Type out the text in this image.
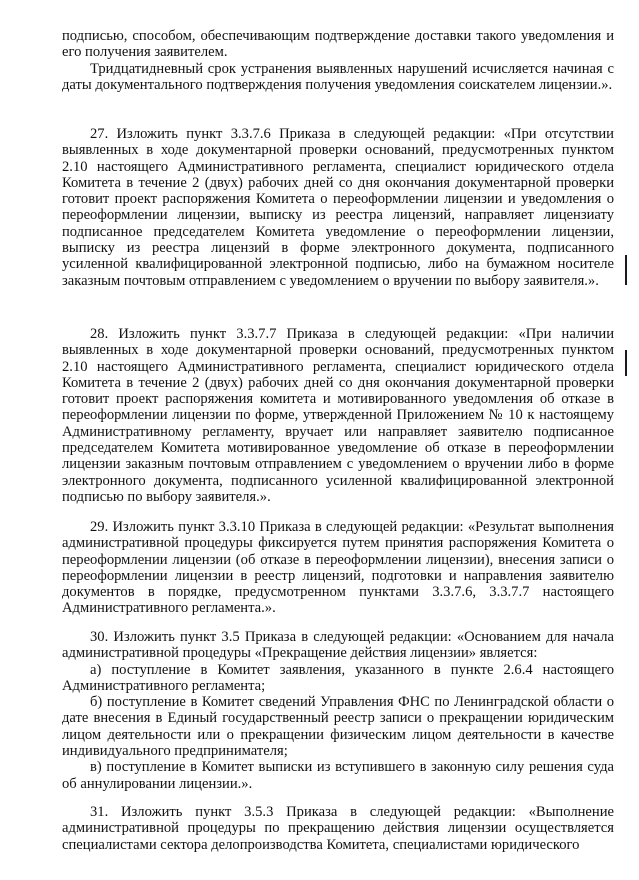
подписью, способом, обеспечивающим подтверждение доставки такого уведомления и его получения заявителем.

Тридцатидневный срок устранения выявленных нарушений исчисляется начиная с даты документального подтверждения получения уведомления соискателем лицензии.».

27. Изложить пункт 3.3.7.6 Приказа в следующей редакции: «При отсутствии выявленных в ходе документарной проверки оснований, предусмотренных пунктом 2.10 настоящего Административного регламента, специалист юридического отдела Комитета в течение 2 (двух) рабочих дней со дня окончания документарной проверки готовит проект распоряжения Комитета о переоформлении лицензии и уведомления о переоформлении лицензии, выписку из реестра лицензий, направляет лицензиату подписанное председателем Комитета уведомление о переоформлении лицензии, выписку из реестра лицензий в форме электронного документа, подписанного усиленной квалифицированной электронной подписью, либо на бумажном носителе заказным почтовым отправлением с уведомлением о вручении по выбору заявителя.».

28. Изложить пункт 3.3.7.7 Приказа в следующей редакции: «При наличии выявленных в ходе документарной проверки оснований, предусмотренных пунктом 2.10 настоящего Административного регламента, специалист юридического отдела Комитета в течение 2 (двух) рабочих дней со дня окончания документарной проверки готовит проект распоряжения комитета и мотивированного уведомления об отказе в переоформлении лицензии по форме, утвержденной Приложением № 10 к настоящему Административному регламенту, вручает или направляет заявителю подписанное председателем Комитета мотивированное уведомление об отказе в переоформлении лицензии заказным почтовым отправлением с уведомлением о вручении либо в форме электронного документа, подписанного усиленной квалифицированной электронной подписью по выбору заявителя.».

29. Изложить пункт 3.3.10 Приказа в следующей редакции: «Результат выполнения административной процедуры фиксируется путем принятия распоряжения Комитета о переоформлении лицензии (об отказе в переоформлении лицензии), внесения записи о переоформлении лицензии в реестр лицензий, подготовки и направления заявителю документов в порядке, предусмотренном пунктами 3.3.7.6, 3.3.7.7 настоящего Административного регламента.».

30. Изложить пункт 3.5 Приказа в следующей редакции: «Основанием для начала административной процедуры «Прекращение действия лицензии» является:

а) поступление в Комитет заявления, указанного в пункте 2.6.4 настоящего Административного регламента;

б) поступление в Комитет сведений Управления ФНС по Ленинградской области о дате внесения в Единый государственный реестр записи о прекращении юридическим лицом деятельности или о прекращении физическим лицом деятельности в качестве индивидуального предпринимателя;

в) поступление в Комитет выписки из вступившего в законную силу решения суда об аннулировании лицензии.».

31. Изложить пункт 3.5.3 Приказа в следующей редакции: «Выполнение административной процедуры по прекращению действия лицензии осуществляется специалистами сектора делопроизводства Комитета, специалистами юридического
